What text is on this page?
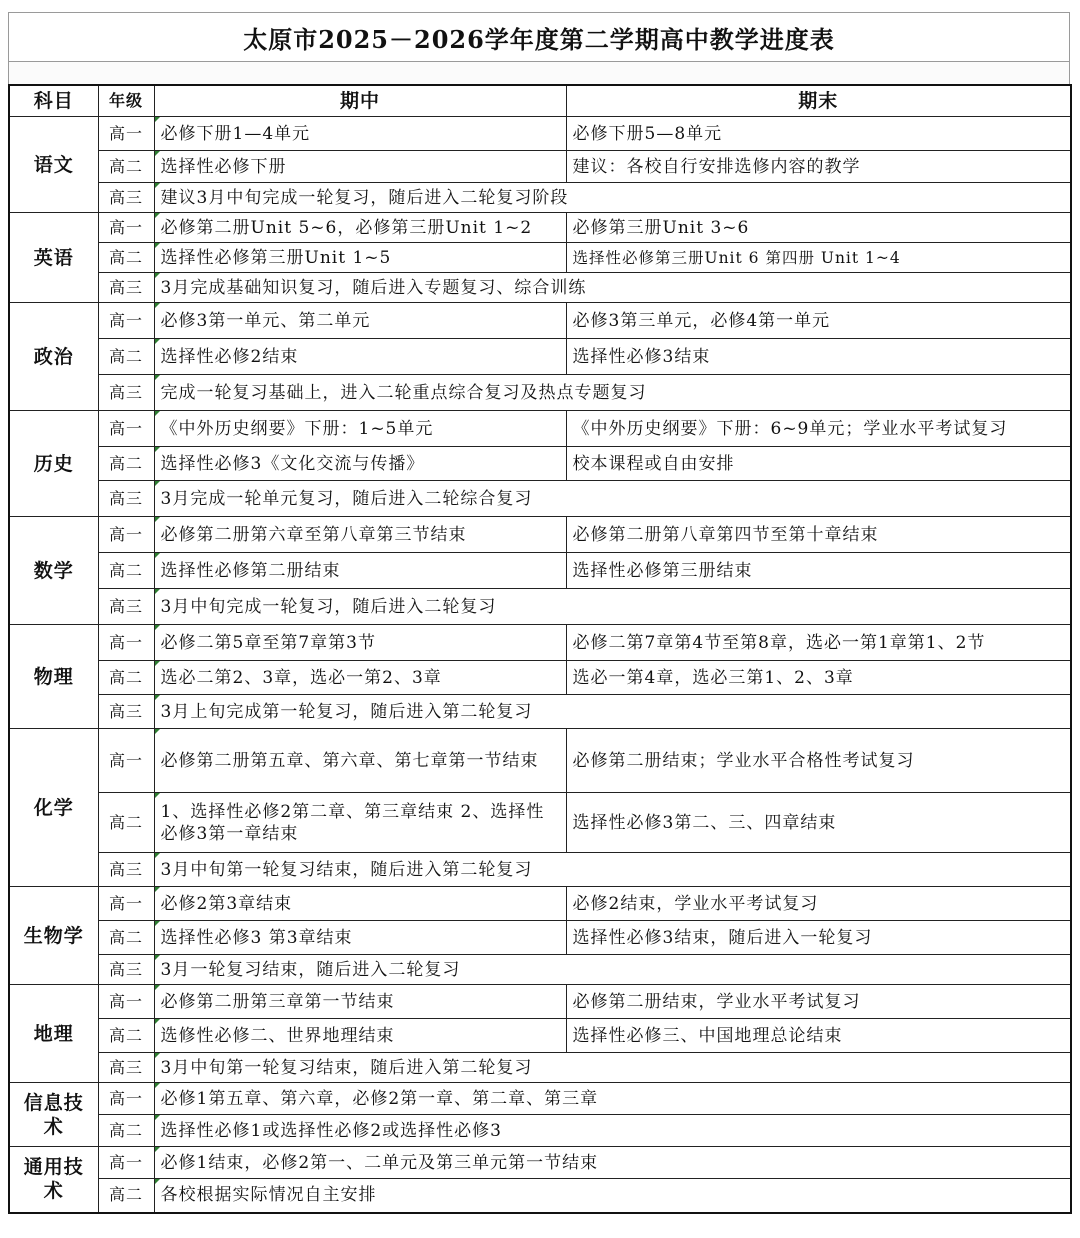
太原市2025－2026学年度第二学期高中教学进度表
科目	年级	期中	期末
语文	高一	必修下册1—4单元	必修下册5—8单元
	高二	选择性必修下册	建议：各校自行安排选修内容的教学
	高三	建议3月中旬完成一轮复习，随后进入二轮复习阶段	
英语	高一	必修第二册Unit 5~6，必修第三册Unit 1~2	必修第三册Unit 3~6
	高二	选择性必修第三册Unit 1~5	选择性必修第三册Unit 6 第四册 Unit 1~4
	高三	3月完成基础知识复习，随后进入专题复习、综合训练	
政治	高一	必修3第一单元、第二单元	必修3第三单元，必修4第一单元
	高二	选择性必修2结束	选择性必修3结束
	高三	完成一轮复习基础上，进入二轮重点综合复习及热点专题复习	
历史	高一	《中外历史纲要》下册：1~5单元	《中外历史纲要》下册：6~9单元；学业水平考试复习
	高二	选择性必修3《文化交流与传播》	校本课程或自由安排
	高三	3月完成一轮单元复习，随后进入二轮综合复习	
数学	高一	必修第二册第六章至第八章第三节结束	必修第二册第八章第四节至第十章结束
	高二	选择性必修第二册结束	选择性必修第三册结束
	高三	3月中旬完成一轮复习，随后进入二轮复习	
物理	高一	必修二第5章至第7章第3节	必修二第7章第4节至第8章，选必一第1章第1、2节
	高二	选必二第2、3章，选必一第2、3章	选必一第4章，选必三第1、2、3章
	高三	3月上旬完成第一轮复习，随后进入第二轮复习	
化学	高一	必修第二册第五章、第六章、第七章第一节结束	必修第二册结束；学业水平合格性考试复习
	高二	1、选择性必修2第二章、第三章结束 2、选择性必修3第一章结束	选择性必修3第二、三、四章结束
	高三	3月中旬第一轮复习结束，随后进入第二轮复习	
生物学	高一	必修2第3章结束	必修2结束，学业水平考试复习
	高二	选择性必修3 第3章结束	选择性必修3结束，随后进入一轮复习
	高三	3月一轮复习结束，随后进入二轮复习	
地理	高一	必修第二册第三章第一节结束	必修第二册结束，学业水平考试复习
	高二	选修性必修二、世界地理结束	选择性必修三、中国地理总论结束
	高三	3月中旬第一轮复习结束，随后进入第二轮复习	
信息技术	高一	必修1第五章、第六章，必修2第一章、第二章、第三章	
	高二	选择性必修1或选择性必修2或选择性必修3	
通用技术	高一	必修1结束，必修2第一、二单元及第三单元第一节结束	
	高二	各校根据实际情况自主安排	
